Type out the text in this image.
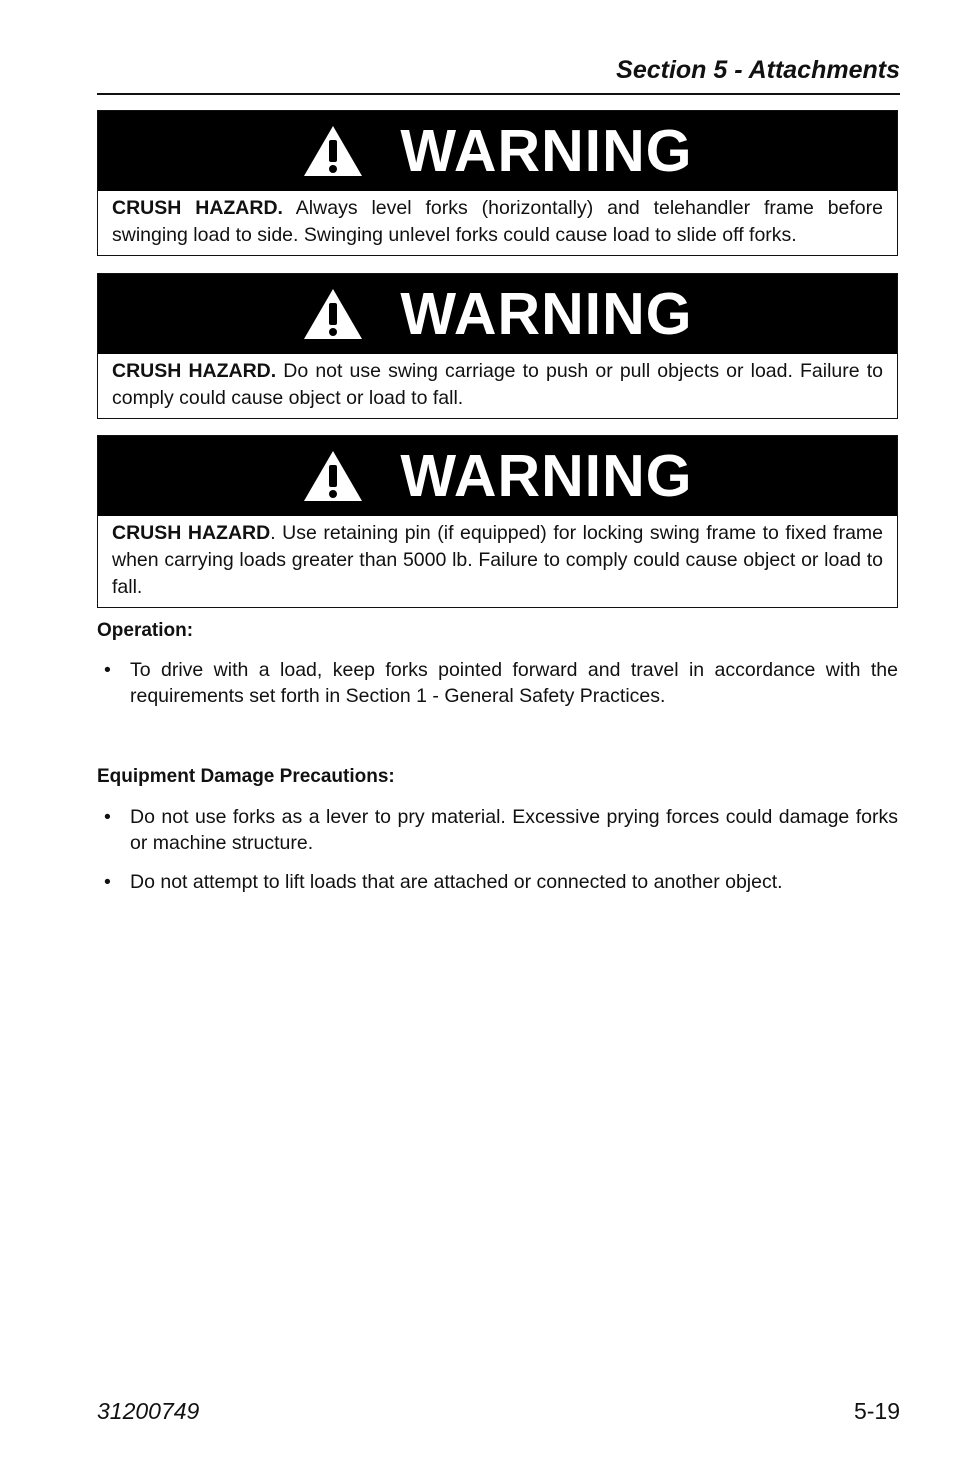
Section 5 - Attachments
WARNING
CRUSH HAZARD. Always level forks (horizontally) and telehandler frame before swinging load to side. Swinging unlevel forks could cause load to slide off forks.
WARNING
CRUSH HAZARD. Do not use swing carriage to push or pull objects or load. Failure to comply could cause object or load to fall.
WARNING
CRUSH HAZARD. Use retaining pin (if equipped) for locking swing frame to fixed frame when carrying loads greater than 5000 lb. Failure to comply could cause object or load to fall.
Operation:
• To drive with a load, keep forks pointed forward and travel in accordance with the requirements set forth in Section 1 - General Safety Practices.
Equipment Damage Precautions:
• Do not use forks as a lever to pry material. Excessive prying forces could damage forks or machine structure.
• Do not attempt to lift loads that are attached or connected to another object.
31200749	5-19
